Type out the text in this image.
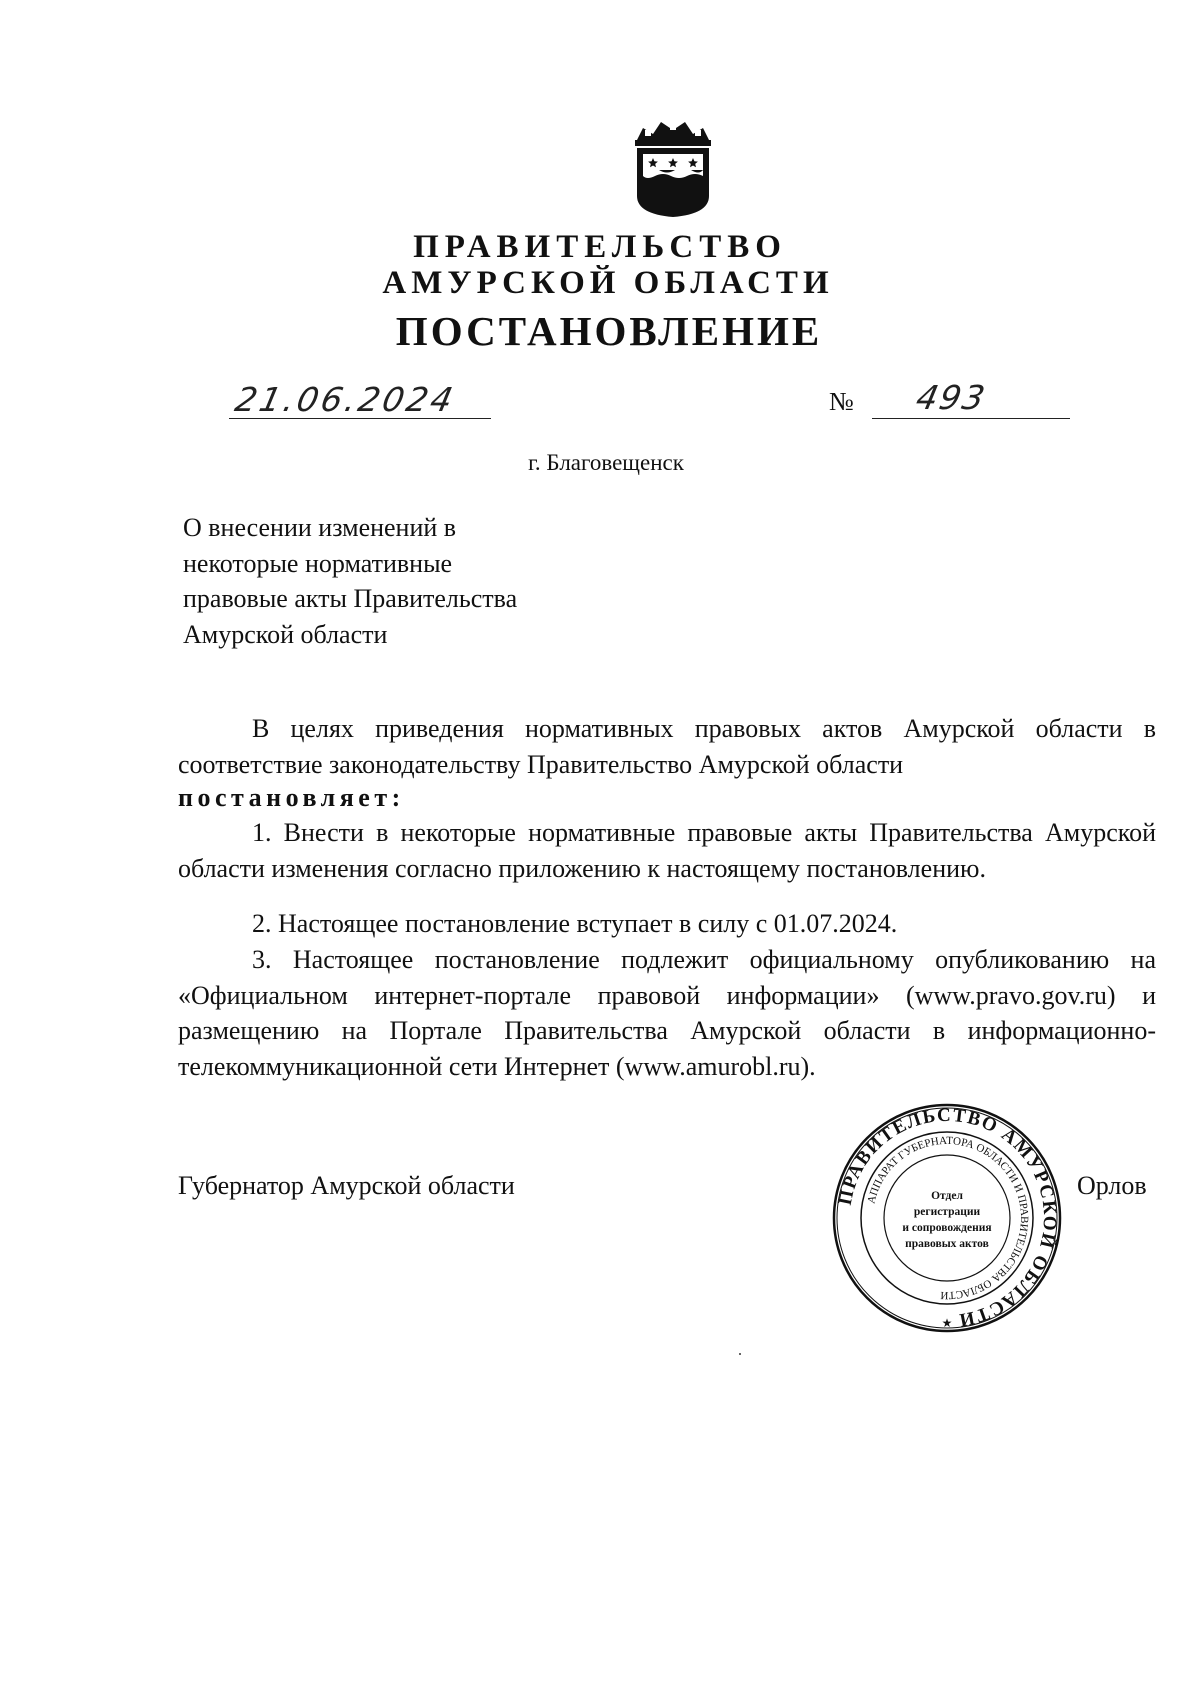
ПРАВИТЕЛЬСТВО
АМУРСКОЙ ОБЛАСТИ
ПОСТАНОВЛЕНИЕ
21.06.2024	№ 493
г. Благовещенск
О внесении изменений в
некоторые нормативные
правовые акты Правительства
Амурской области
В целях приведения нормативных правовых актов Амурской области в соответствие законодательству Правительство Амурской области
постановляет:
1. Внести в некоторые нормативные правовые акты Правительства Амурской области изменения согласно приложению к настоящему постановлению.
2. Настоящее постановление вступает в силу с 01.07.2024.
3. Настоящее постановление подлежит официальному опубликованию на «Официальном интернет-портале правовой информации» (www.pravo.gov.ru) и размещению на Портале Правительства Амурской области в информационно-телекоммуникационной сети Интернет (www.amurobl.ru).
Губернатор Амурской области	ПРАВИТЕЛЬСТВО АМУРСКОЙ ОБЛАСТИ
АППАРАТ ГУБЕРНАТОРА ОБЛАСТИ И ПРАВИТЕЛЬСТВА ОБЛАСТИ
Отдел
регистрации
и сопровождения
правовых актов
★
Орлов
